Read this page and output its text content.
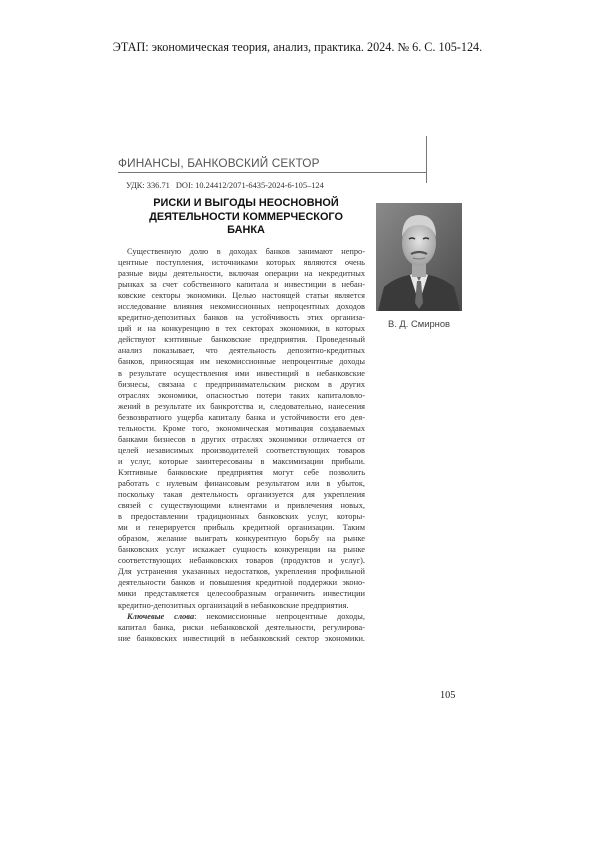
ЭТАП: экономическая теория, анализ, практика. 2024. № 6. С. 105-124.
ФИНАНСЫ, БАНКОВСКИЙ СЕКТОР
УДК: 336.71 DOI: 10.24412/2071-6435-2024-6-105–124
РИСКИ И ВЫГОДЫ НЕОСНОВНОЙ
ДЕЯТЕЛЬНОСТИ КОММЕРЧЕСКОГО
БАНКА
В. Д. Смирнов
Существенную долю в доходах банков занимают непро-
центные поступления, источниками которых являются очень
разные виды деятельности, включая операции на некредитных
рынках за счет собственного капитала и инвестиции в небан-
ковские секторы экономики. Целью настоящей статьи является
исследование влияния некомиссионных непроцентных доходов
кредитно-депозитных банков на устойчивость этих организа-
ций и на конкуренцию в тех секторах экономики, в которых
действуют кэптивные банковские предприятия. Проведенный
анализ показывает, что деятельность депозитно-кредитных
банков, приносящая им некомиссионные непроцентные доходы
в результате осуществления ими инвестиций в небанковские
бизнесы, связана с предпринимательским риском в других
отраслях экономики, опасностью потери таких капиталовло-
жений в результате их банкротства и, следовательно, нанесения
безвозвратного ущерба капиталу банка и устойчивости его дея-
тельности. Кроме того, экономическая мотивация создаваемых
банками бизнесов в других отраслях экономики отличается от
целей независимых производителей соответствующих товаров
и услуг, которые заинтересованы в максимизации прибыли.
Кэптивные банковские предприятия могут себе позволить
работать с нулевым финансовым результатом или в убыток,
поскольку такая деятельность организуется для укрепления
связей с существующими клиентами и привлечения новых,
в предоставлении традиционных банковских услуг, которы-
ми и генерируется прибыль кредитной организации. Таким
образом, желание выиграть конкурентную борьбу на рынке
банковских услуг искажает сущность конкуренции на рынке
соответствующих небанковских товаров (продуктов и услуг).
Для устранения указанных недостатков, укрепления профильной
деятельности банков и повышения кредитной поддержки эконо-
мики представляется целесообразным ограничить инвестиции
кредитно-депозитных организаций в небанковские предприятия.
Ключевые слова: некомиссионные непроцентные доходы,
капитал банка, риски небанковской деятельности, регулирова-
ние банковских инвестиций в небанковский сектор экономики.
105
